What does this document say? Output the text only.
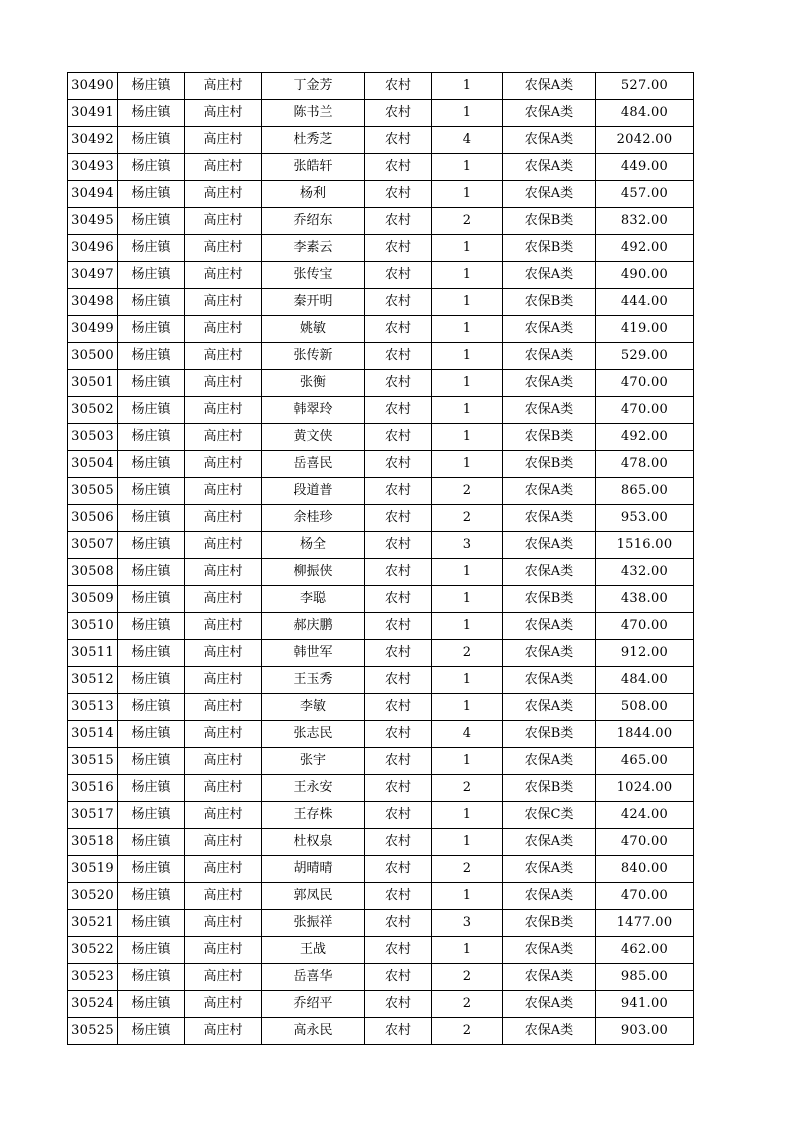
30490	杨庄镇	高庄村	丁金芳	农村	1	农保A类	527.00
30491	杨庄镇	高庄村	陈书兰	农村	1	农保A类	484.00
30492	杨庄镇	高庄村	杜秀芝	农村	4	农保A类	2042.00
30493	杨庄镇	高庄村	张皓轩	农村	1	农保A类	449.00
30494	杨庄镇	高庄村	杨利	农村	1	农保A类	457.00
30495	杨庄镇	高庄村	乔绍东	农村	2	农保B类	832.00
30496	杨庄镇	高庄村	李素云	农村	1	农保B类	492.00
30497	杨庄镇	高庄村	张传宝	农村	1	农保A类	490.00
30498	杨庄镇	高庄村	秦开明	农村	1	农保B类	444.00
30499	杨庄镇	高庄村	姚敏	农村	1	农保A类	419.00
30500	杨庄镇	高庄村	张传新	农村	1	农保A类	529.00
30501	杨庄镇	高庄村	张衡	农村	1	农保A类	470.00
30502	杨庄镇	高庄村	韩翠玲	农村	1	农保A类	470.00
30503	杨庄镇	高庄村	黄文侠	农村	1	农保B类	492.00
30504	杨庄镇	高庄村	岳喜民	农村	1	农保B类	478.00
30505	杨庄镇	高庄村	段道普	农村	2	农保A类	865.00
30506	杨庄镇	高庄村	余桂珍	农村	2	农保A类	953.00
30507	杨庄镇	高庄村	杨全	农村	3	农保A类	1516.00
30508	杨庄镇	高庄村	柳振侠	农村	1	农保A类	432.00
30509	杨庄镇	高庄村	李聪	农村	1	农保B类	438.00
30510	杨庄镇	高庄村	郝庆鹏	农村	1	农保A类	470.00
30511	杨庄镇	高庄村	韩世军	农村	2	农保A类	912.00
30512	杨庄镇	高庄村	王玉秀	农村	1	农保A类	484.00
30513	杨庄镇	高庄村	李敏	农村	1	农保A类	508.00
30514	杨庄镇	高庄村	张志民	农村	4	农保B类	1844.00
30515	杨庄镇	高庄村	张宇	农村	1	农保A类	465.00
30516	杨庄镇	高庄村	王永安	农村	2	农保B类	1024.00
30517	杨庄镇	高庄村	王存株	农村	1	农保C类	424.00
30518	杨庄镇	高庄村	杜权泉	农村	1	农保A类	470.00
30519	杨庄镇	高庄村	胡晴晴	农村	2	农保A类	840.00
30520	杨庄镇	高庄村	郭凤民	农村	1	农保A类	470.00
30521	杨庄镇	高庄村	张振祥	农村	3	农保B类	1477.00
30522	杨庄镇	高庄村	王战	农村	1	农保A类	462.00
30523	杨庄镇	高庄村	岳喜华	农村	2	农保A类	985.00
30524	杨庄镇	高庄村	乔绍平	农村	2	农保A类	941.00
30525	杨庄镇	高庄村	高永民	农村	2	农保A类	903.00
